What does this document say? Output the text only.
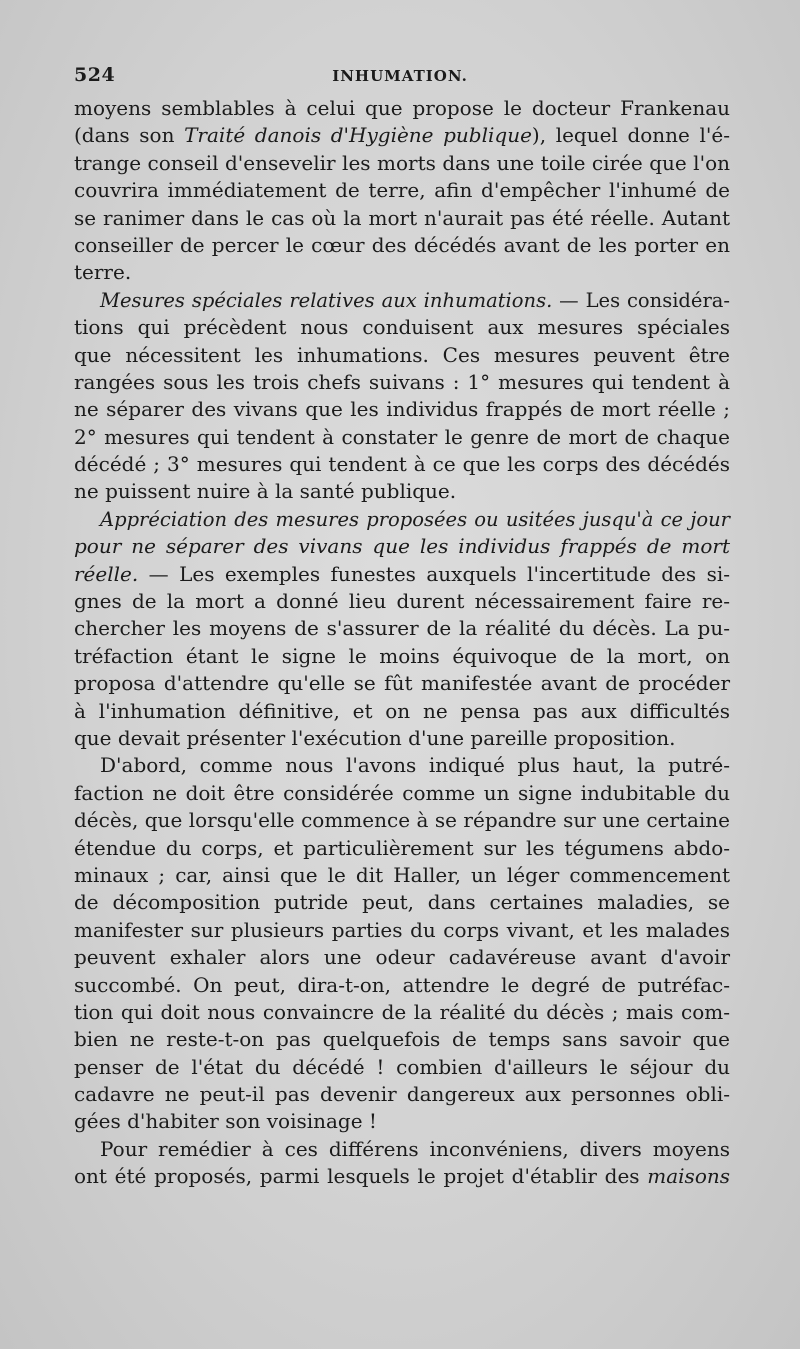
524	INHUMATION.
moyens semblables à celui que propose le docteur Frankenau
(dans son Traité danois d'Hygiène publique), lequel donne l'é-
trange conseil d'ensevelir les morts dans une toile cirée que l'on
couvrira immédiatement de terre, afin d'empêcher l'inhumé de
se ranimer dans le cas où la mort n'aurait pas été réelle. Autant
conseiller de percer le cœur des décédés avant de les porter en
terre.
Mesures spéciales relatives aux inhumations. — Les considéra-
tions qui précèdent nous conduisent aux mesures spéciales
que nécessitent les inhumations. Ces mesures peuvent être
rangées sous les trois chefs suivans : 1° mesures qui tendent à
ne séparer des vivans que les individus frappés de mort réelle ;
2° mesures qui tendent à constater le genre de mort de chaque
décédé ; 3° mesures qui tendent à ce que les corps des décédés
ne puissent nuire à la santé publique.
Appréciation des mesures proposées ou usitées jusqu'à ce jour
pour ne séparer des vivans que les individus frappés de mort
réelle. — Les exemples funestes auxquels l'incertitude des si-
gnes de la mort a donné lieu durent nécessairement faire re-
chercher les moyens de s'assurer de la réalité du décès. La pu-
tréfaction étant le signe le moins équivoque de la mort, on
proposa d'attendre qu'elle se fût manifestée avant de procéder
à l'inhumation définitive, et on ne pensa pas aux difficultés
que devait présenter l'exécution d'une pareille proposition.
D'abord, comme nous l'avons indiqué plus haut, la putré-
faction ne doit être considérée comme un signe indubitable du
décès, que lorsqu'elle commence à se répandre sur une certaine
étendue du corps, et particulièrement sur les tégumens abdo-
minaux ; car, ainsi que le dit Haller, un léger commencement
de décomposition putride peut, dans certaines maladies, se
manifester sur plusieurs parties du corps vivant, et les malades
peuvent exhaler alors une odeur cadavéreuse avant d'avoir
succombé. On peut, dira-t-on, attendre le degré de putréfac-
tion qui doit nous convaincre de la réalité du décès ; mais com-
bien ne reste-t-on pas quelquefois de temps sans savoir que
penser de l'état du décédé ! combien d'ailleurs le séjour du
cadavre ne peut-il pas devenir dangereux aux personnes obli-
gées d'habiter son voisinage !
Pour remédier à ces différens inconvéniens, divers moyens
ont été proposés, parmi lesquels le projet d'établir des maisons
